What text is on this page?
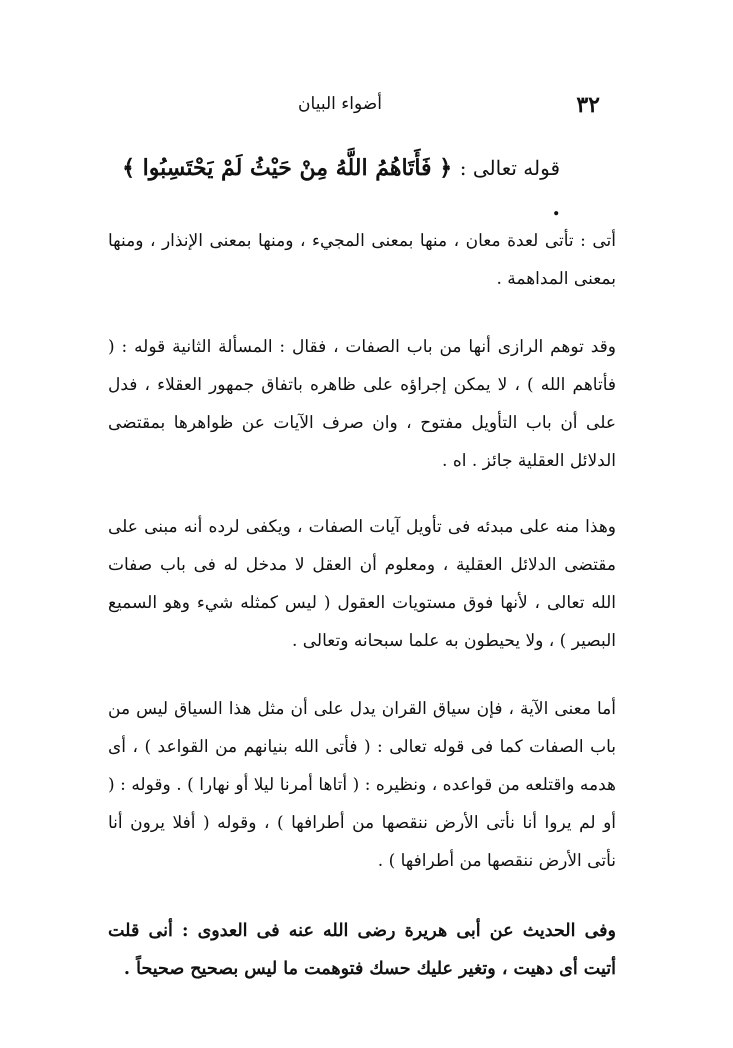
٣٢
أضواء البيان
قوله تعالى : ﴿ فَأَتَاهُمُ اللَّهُ مِنْ حَيْثُ لَمْ يَحْتَسِبُوا ﴾ .

أتى : تأتى لعدة معان ، منها بمعنى المجيء ، ومنها بمعنى الإنذار ، ومنها بمعنى المداهمة .

وقد توهم الرازى أنها من باب الصفات ، فقال : المسألة الثانية قوله : ( فأتاهم الله ) ، لا يمكن إجراؤه على ظاهره باتفاق جمهور العقلاء ، فدل على أن باب التأويل مفتوح ، وان صرف الآيات عن ظواهرها بمقتضى الدلائل العقلية جائز . اه .

وهذا منه على مبدئه فى تأويل آيات الصفات ، ويكفى لرده أنه مبنى على مقتضى الدلائل العقلية ، ومعلوم أن العقل لا مدخل له فى باب صفات الله تعالى ، لأنها فوق مستويات العقول ( ليس كمثله شيء وهو السميع البصير ) ، ولا يحيطون به علما سبحانه وتعالى .

أما معنى الآية ، فإن سياق القران يدل على أن مثل هذا السياق ليس من باب الصفات كما فى قوله تعالى : ( فأتى الله بنيانهم من القواعد ) ، أى هدمه واقتلعه من قواعده ، ونظيره : ( أتاها أمرنا ليلا أو نهارا ) . وقوله : ( أو لم يروا أنا نأتى الأرض ننقصها من أطرافها ) ، وقوله ( أفلا يرون أنا نأتى الأرض ننقصها من أطرافها ) .

وفى الحديث عن أبى هريرة رضى الله عنه فى العدوى : أنى قلت أتيت أى دهيت ، وتغير عليك حسك فتوهمت ما ليس بصحيح صحيحاً .
